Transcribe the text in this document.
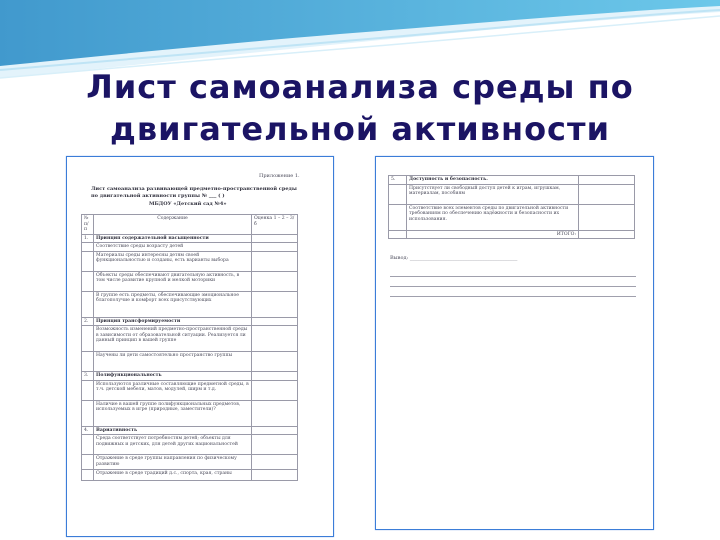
Лист самоанализа среды по
двигательной активности
Приложение 1.
Лист самоанализа развивающей предметно-пространственной среды
по двигательной активности группы № ___ ( )
МБДОУ «Детский сад №4»
№ п/п	Содержание	Оценка 1 – 2 – 3/б
1.	Принцип содержательной насыщенности	
	Соответствие среды возрасту детей	
	Материалы среды интересны детям своей функциональностью и созданы, есть варианты выбора	
	Объекты среды обеспечивают двигательную активность, в том числе развитие крупной и мелкой моторики	
	В группе есть предметы, обеспечивающие эмоциональное благополучие и комфорт всех присутствующих	
2.	Принцип трансформируемости	
	Возможность изменений предметно-пространственной среды в зависимости от образовательной ситуации. Реализуется ли данный принцип в вашей группе	
	Научены ли дети самостоятельно пространство группы	
3.	Полифункциональность	
	Используются различные составляющие предметной среды, в т.ч. детской мебели, матов, модулей, ширм и т.д.	
	Наличие в вашей группе полифункциональных предметов, используемых в игре (природные, заместители)?	
4.	Вариативность	
	Среда соответствует потребностям детей; объекты для подвижных и детских, для детей других национальностей	
	Отражение в среде группы направления по физическому развитию	
	Отражение в среде традиций д.с., спорта, края, страны	
5.	Доступность и безопасность.	
	Присутствует ли свободный доступ детей к играм, игрушкам, материалам, пособиям	
	Соответствие всех элементов среды по двигательной активности требованиям по обеспечению надёжности и безопасности их использования.	
	ИТОГО:	
Вывод: ___________________________________________
